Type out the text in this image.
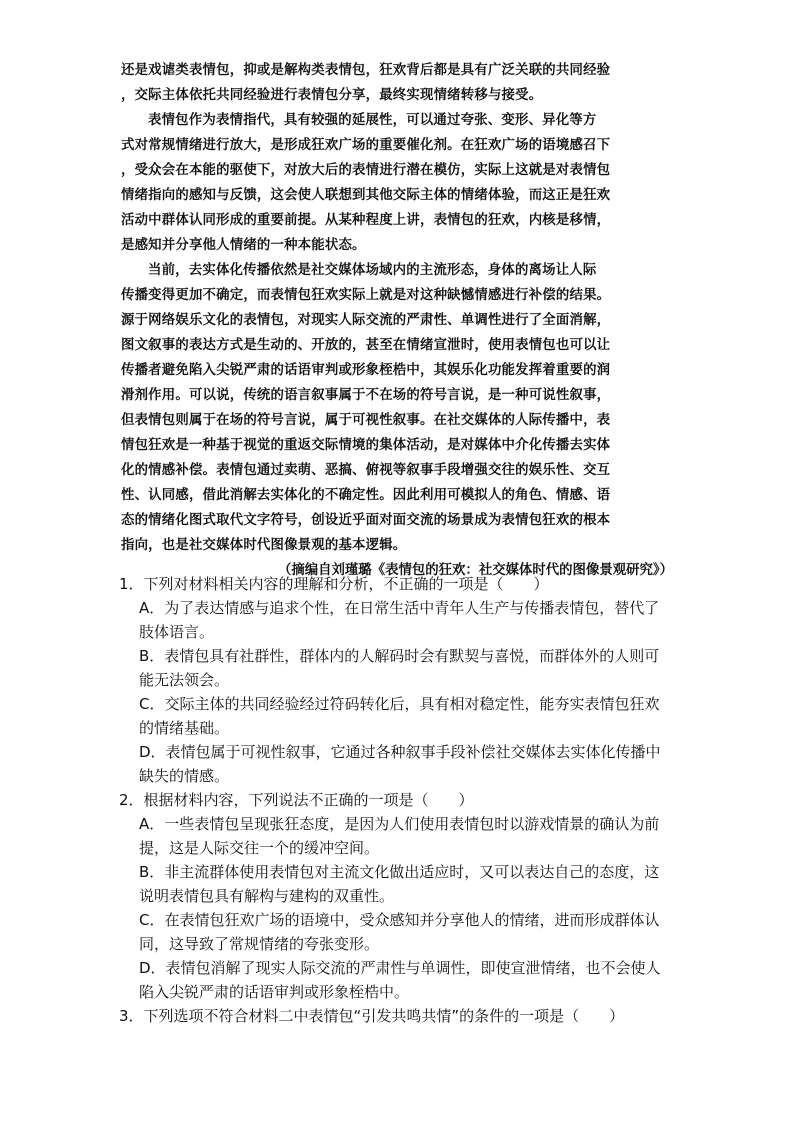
还是戏谑类表情包，抑或是解构类表情包，狂欢背后都是具有广泛关联的共同经验
，交际主体依托共同经验进行表情包分享，最终实现情绪转移与接受。
表情包作为表情指代，具有较强的延展性，可以通过夸张、变形、异化等方
式对常规情绪进行放大，是形成狂欢广场的重要催化剂。在狂欢广场的语境感召下
，受众会在本能的驱使下，对放大后的表情进行潜在模仿，实际上这就是对表情包
情绪指向的感知与反馈，这会使人联想到其他交际主体的情绪体验，而这正是狂欢
活动中群体认同形成的重要前提。从某种程度上讲，表情包的狂欢，内核是移情，
是感知并分享他人情绪的一种本能状态。
当前，去实体化传播依然是社交媒体场域内的主流形态，身体的离场让人际
传播变得更加不确定，而表情包狂欢实际上就是对这种缺憾情感进行补偿的结果。
源于网络娱乐文化的表情包，对现实人际交流的严肃性、单调性进行了全面消解，
图文叙事的表达方式是生动的、开放的，甚至在情绪宣泄时，使用表情包也可以让
传播者避免陷入尖锐严肃的话语审判或形象桎梏中，其娱乐化功能发挥着重要的润
滑剂作用。可以说，传统的语言叙事属于不在场的符号言说，是一种可说性叙事，
但表情包则属于在场的符号言说，属于可视性叙事。在社交媒体的人际传播中，表
情包狂欢是一种基于视觉的重返交际情境的集体活动，是对媒体中介化传播去实体
化的情感补偿。表情包通过卖萌、恶搞、俯视等叙事手段增强交往的娱乐性、交互
性、认同感，借此消解去实体化的不确定性。因此利用可模拟人的角色、情感、语
态的情绪化图式取代文字符号，创设近乎面对面交流的场景成为表情包狂欢的根本
指向，也是社交媒体时代图像景观的基本逻辑。
（摘编自刘瑾璐《表情包的狂欢：社交媒体时代的图像景观研究》）
1．下列对材料相关内容的理解和分析，不正确的一项是（　　）
A．为了表达情感与追求个性，在日常生活中青年人生产与传播表情包，替代了
肢体语言。
B．表情包具有社群性，群体内的人解码时会有默契与喜悦，而群体外的人则可
能无法领会。
C．交际主体的共同经验经过符码转化后，具有相对稳定性，能夯实表情包狂欢
的情绪基础。
D．表情包属于可视性叙事，它通过各种叙事手段补偿社交媒体去实体化传播中
缺失的情感。
2．根据材料内容，下列说法不正确的一项是（　　）
A．一些表情包呈现张狂态度，是因为人们使用表情包时以游戏情景的确认为前
提，这是人际交往一个的缓冲空间。
B．非主流群体使用表情包对主流文化做出适应时，又可以表达自己的态度，这
说明表情包具有解构与建构的双重性。
C．在表情包狂欢广场的语境中，受众感知并分享他人的情绪，进而形成群体认
同，这导致了常规情绪的夸张变形。
D．表情包消解了现实人际交流的严肃性与单调性，即使宣泄情绪，也不会使人
陷入尖锐严肃的话语审判或形象桎梏中。
3．下列选项不符合材料二中表情包“引发共鸣共情”的条件的一项是（　　）
